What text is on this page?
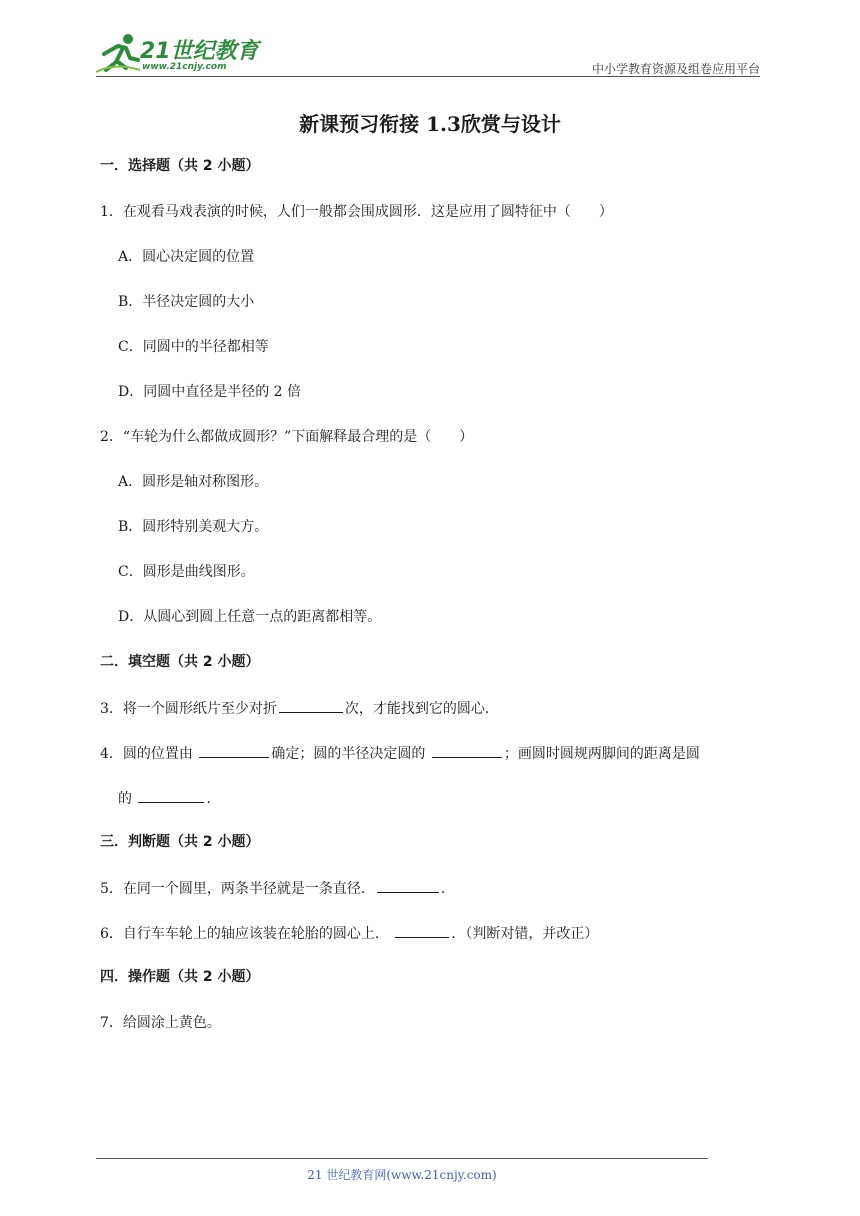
21世纪教育
www.21cnjy.com	中小学教育资源及组卷应用平台
新课预习衔接 1.3欣赏与设计
一．选择题（共 2 小题）
1．在观看马戏表演的时候，人们一般都会围成圆形．这是应用了圆特征中（　　）
A．圆心决定圆的位置
B．半径决定圆的大小
C．同圆中的半径都相等
D．同圆中直径是半径的 2 倍
2．“车轮为什么都做成圆形？”下面解释最合理的是（　　）
A．圆形是轴对称图形。
B．圆形特别美观大方。
C．圆形是曲线图形。
D．从圆心到圆上任意一点的距离都相等。
二．填空题（共 2 小题）
3．将一个圆形纸片至少对折	次，才能找到它的圆心．
4．圆的位置由	确定；圆的半径决定圆的	；画圆时圆规两脚间的距离是圆
的	．
三．判断题（共 2 小题）
5．在同一个圆里，两条半径就是一条直径．	．
6．自行车车轮上的轴应该装在轮胎的圆心上．	．（判断对错，并改正）
四．操作题（共 2 小题）
7．给圆涂上黄色。
21 世纪教育网(www.21cnjy.com)
